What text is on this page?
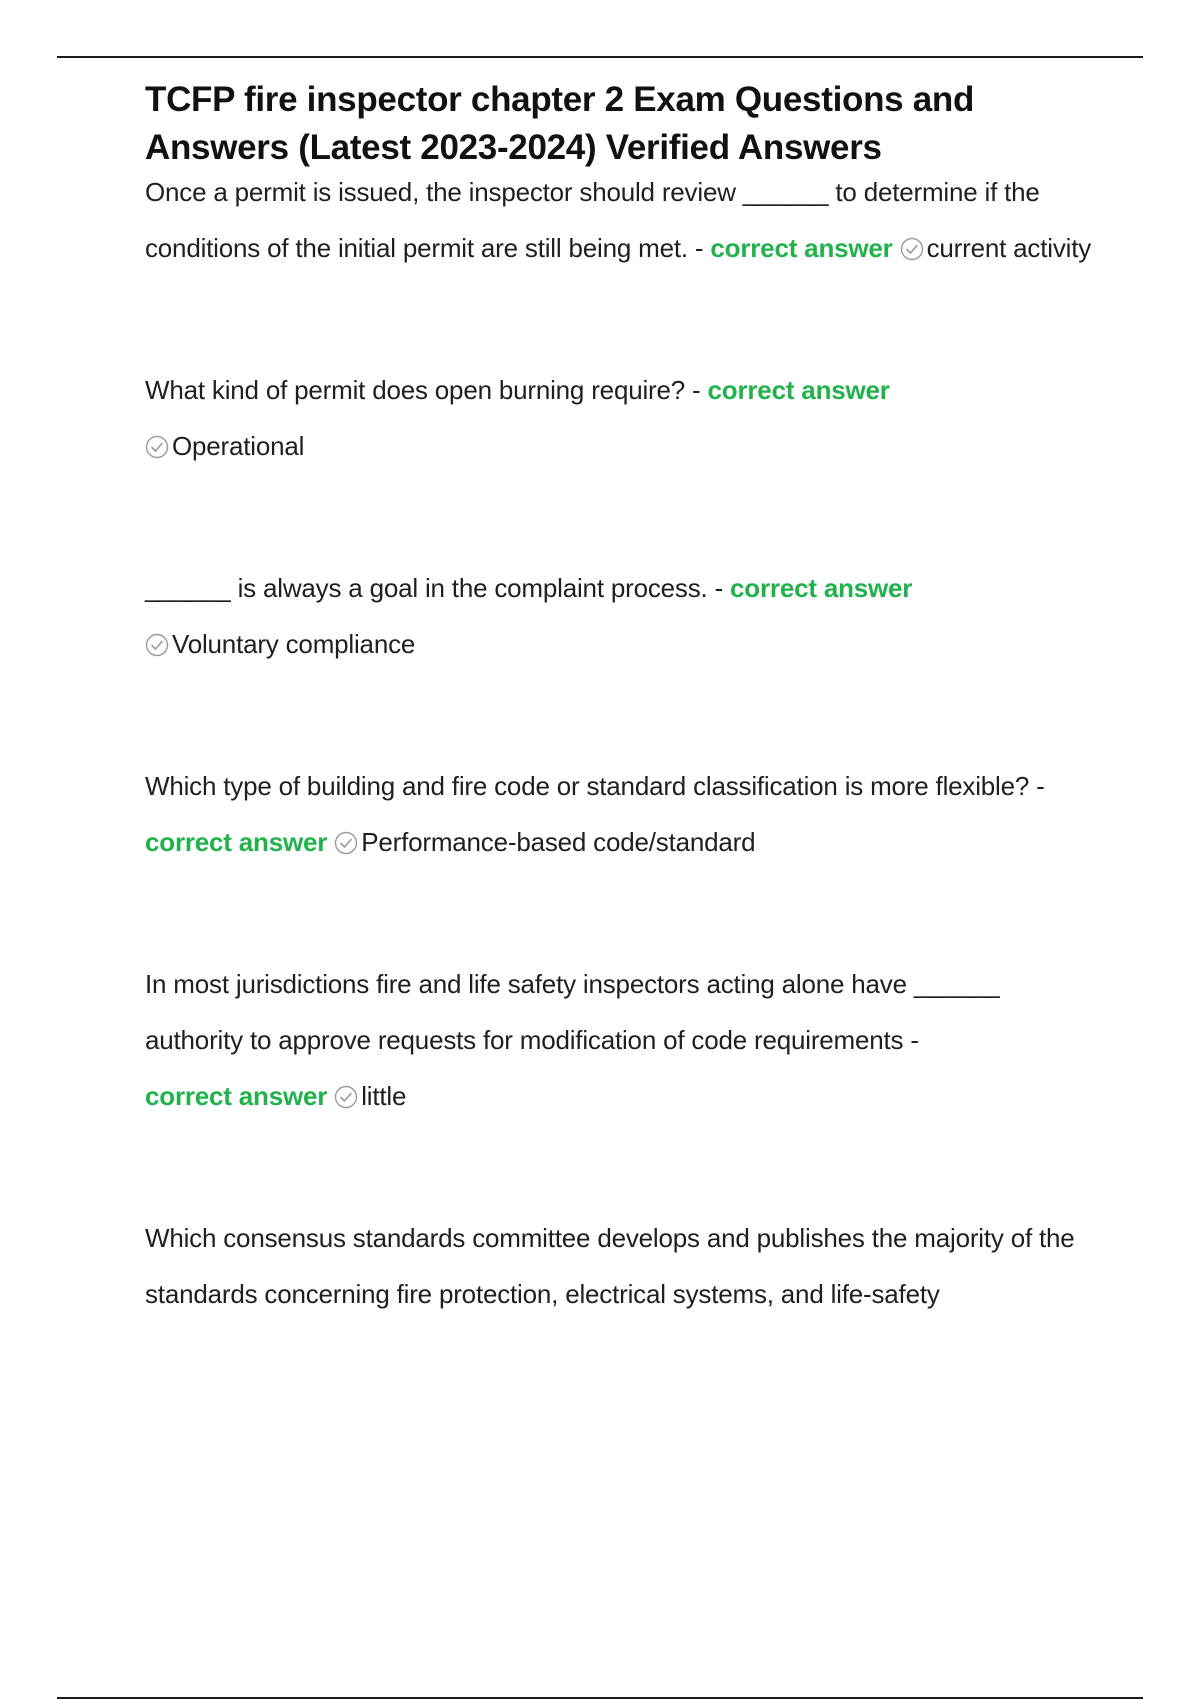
TCFP fire inspector chapter 2 Exam Questions and Answers (Latest 2023-2024) Verified Answers

Once a permit is issued, the inspector should review ______ to determine if the conditions of the initial permit are still being met. - correct answer current activity

What kind of permit does open burning require? - correct answer

Operational

______ is always a goal in the complaint process. - correct answer

Voluntary compliance

Which type of building and fire code or standard classification is more flexible? - correct answer Performance-based code/standard

In most jurisdictions fire and life safety inspectors acting alone have ______ authority to approve requests for modification of code requirements -
correct answer little

Which consensus standards committee develops and publishes the majority of the standards concerning fire protection, electrical systems, and life-safety
